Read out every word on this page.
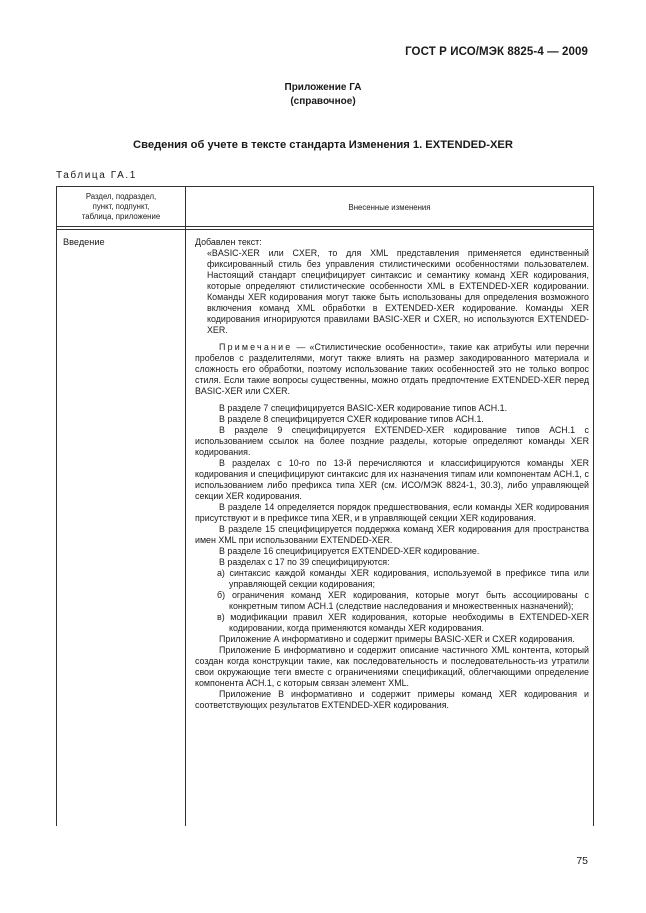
ГОСТ Р ИСО/МЭК 8825-4 — 2009
Приложение ГА
(справочное)
Сведения об учете в тексте стандарта Изменения 1. EXTENDED-XER
Таблица ГА.1
Раздел, подраздел,
пункт, подпункт,
таблица, приложение
Внесенные изменения
Введение	Добавлен текст:

«BASIC-XER или CXER, то для XML представления применяется единственный фиксированный стиль без управления стилистическими особенностями пользователем. Настоящий стандарт специфицирует синтаксис и семантику команд XER кодирования, которые определяют стилистические особенности XML в EXTENDED-XER кодировании. Команды XER кодирования могут также быть использованы для определения возможного включения команд XML обработки в EXTENDED-XER кодирование. Команды XER кодирования игнорируются правилами BASIC-XER и CXER, но используются EXTENDED-XER.

Примечание — «Стилистические особенности», такие как атрибуты или перечни пробелов с разделителями, могут также влиять на размер закодированного материала и сложность его обработки, поэтому использование таких особенностей это не только вопрос стиля. Если такие вопросы существенны, можно отдать предпочтение EXTENDED-XER перед BASIC-XER или CXER.

В разделе 7 специфицируется BASIC-XER кодирование типов АСН.1.

В разделе 8 специфицируется CXER кодирование типов АСН.1.

В разделе 9 специфицируется EXTENDED-XER кодирование типов АСН.1 с использованием ссылок на более поздние разделы, которые определяют команды XER кодирования.

В разделах с 10-го по 13-й перечисляются и классифицируются команды XER кодирования и специфицируют синтаксис для их назначения типам или компонентам АСН.1, с использованием либо префикса типа XER (см. ИСО/МЭК 8824-1, 30.3), либо управляющей секции XER кодирования.

В разделе 14 определяется порядок предшествования, если команды XER кодирования присутствуют и в префиксе типа XER, и в управляющей секции XER кодирования.

В разделе 15 специфицируется поддержка команд XER кодирования для пространства имен XML при использовании EXTENDED-XER.

В разделе 16 специфицируется EXTENDED-XER кодирование.

В разделах с 17 по 39 специфицируются:

а) синтаксис каждой команды XER кодирования, используемой в префиксе типа или управляющей секции кодирования;

б) ограничения команд XER кодирования, которые могут быть ассоциированы с конкретным типом АСН.1 (следствие наследования и множественных назначений);

в) модификации правил XER кодирования, которые необходимы в EXTENDED-XER кодировании, когда применяются команды XER кодирования.

Приложение А информативно и содержит примеры BASIC-XER и CXER кодирования.

Приложение Б информативно и содержит описание частичного XML контента, который создан когда конструкции такие, как последовательность и последовательность-из утратили свои окружающие теги вместе с ограничениями спецификаций, облегчающими определение компонента АСН.1, с которым связан элемент XML.

Приложение В информативно и содержит примеры команд XER кодирования и соответствующих результатов EXTENDED-XER кодирования.

75
